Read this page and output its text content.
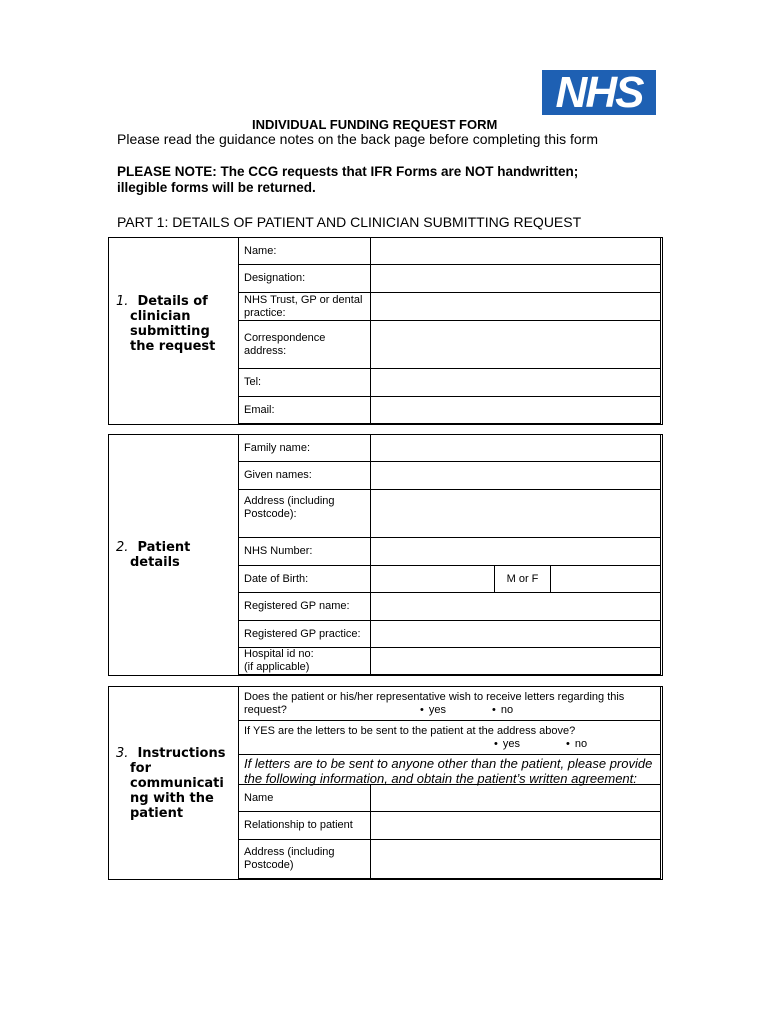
NHS
INDIVIDUAL FUNDING REQUEST FORM
Please read the guidance notes on the back page before completing this form
PLEASE NOTE: The CCG requests that IFR Forms are NOT handwritten;
illegible forms will be returned.
PART 1: DETAILS OF PATIENT AND CLINICIAN SUBMITTING REQUEST
1. Details of
clinician
submitting
the request
Name:
Designation:
NHS Trust, GP or dental practice:
Correspondence address:
Tel:
Email:
2. Patient
details
Family name:
Given names:
Address (including Postcode):
NHS Number:
Date of Birth:	M or F
Registered GP name:
Registered GP practice:
Hospital id no:
(if applicable)
3. Instructions
for
communicati
ng with the
patient
Does the patient or his/her representative wish to receive letters regarding this
request?	• yes	• no
If YES are the letters to be sent to the patient at the address above?
• yes	• no
If letters are to be sent to anyone other than the patient, please provide
the following information, and obtain the patient’s written agreement:
Name
Relationship to patient
Address (including Postcode)
